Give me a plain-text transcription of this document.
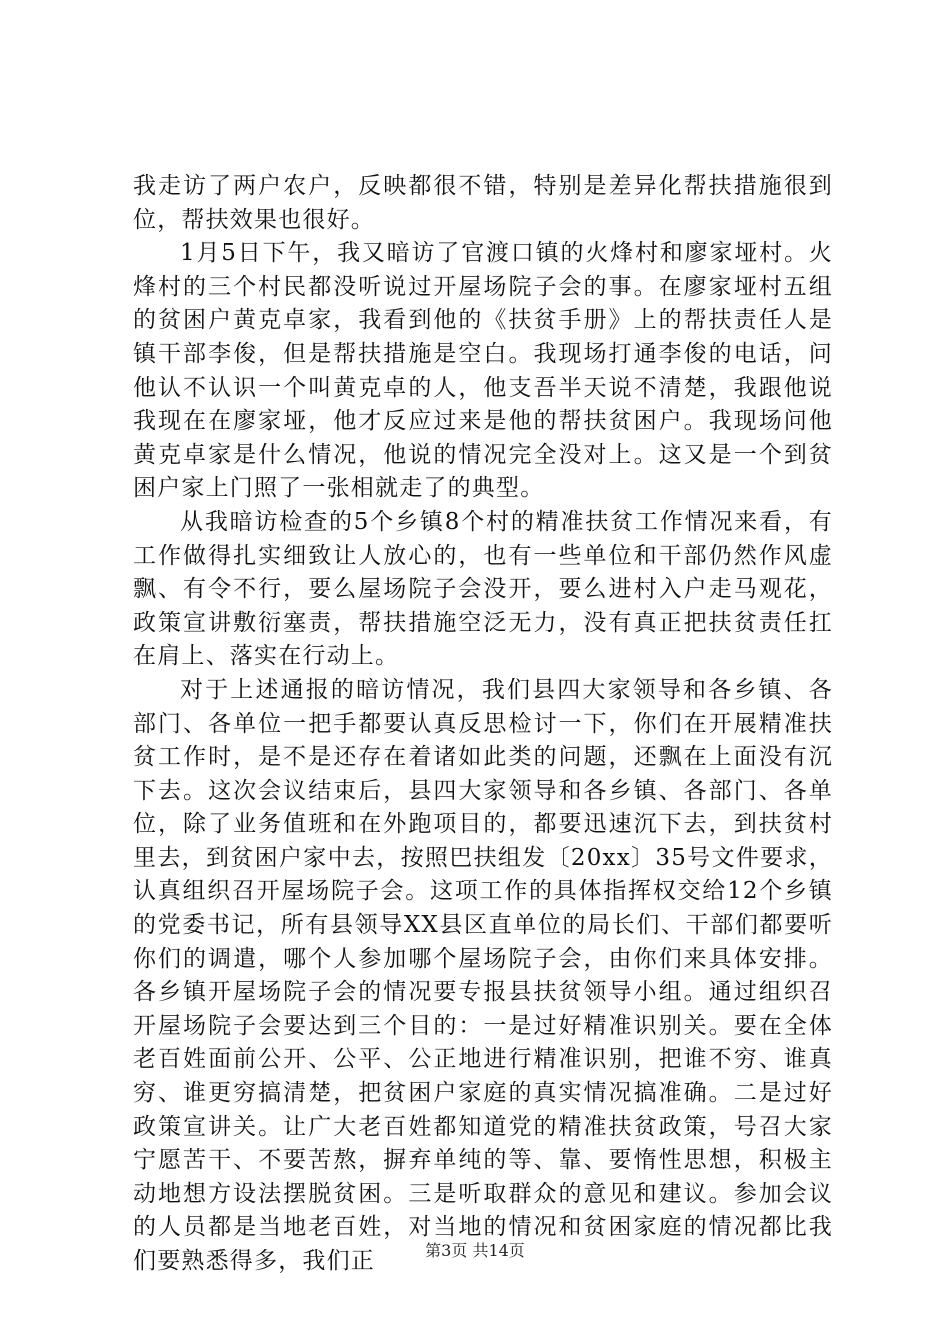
我走访了两户农户，反映都很不错，特别是差异化帮扶措施很到位，帮扶效果也很好。

1月5日下午，我又暗访了官渡口镇的火烽村和廖家垭村。火烽村的三个村民都没听说过开屋场院子会的事。在廖家垭村五组的贫困户黄克卓家，我看到他的《扶贫手册》上的帮扶责任人是镇干部李俊，但是帮扶措施是空白。我现场打通李俊的电话，问他认不认识一个叫黄克卓的人，他支吾半天说不清楚，我跟他说我现在在廖家垭，他才反应过来是他的帮扶贫困户。我现场问他黄克卓家是什么情况，他说的情况完全没对上。这又是一个到贫困户家上门照了一张相就走了的典型。

从我暗访检查的5个乡镇8个村的精准扶贫工作情况来看，有工作做得扎实细致让人放心的，也有一些单位和干部仍然作风虚飘、有令不行，要么屋场院子会没开，要么进村入户走马观花，政策宣讲敷衍塞责，帮扶措施空泛无力，没有真正把扶贫责任扛在肩上、落实在行动上。

对于上述通报的暗访情况，我们县四大家领导和各乡镇、各部门、各单位一把手都要认真反思检讨一下，你们在开展精准扶贫工作时，是不是还存在着诸如此类的问题，还飘在上面没有沉下去。这次会议结束后，县四大家领导和各乡镇、各部门、各单位，除了业务值班和在外跑项目的，都要迅速沉下去，到扶贫村里去，到贫困户家中去，按照巴扶组发〔20xx〕35号文件要求，认真组织召开屋场院子会。这项工作的具体指挥权交给12个乡镇的党委书记，所有县领导XX县区直单位的局长们、干部们都要听你们的调遣，哪个人参加哪个屋场院子会，由你们来具体安排。各乡镇开屋场院子会的情况要专报县扶贫领导小组。通过组织召开屋场院子会要达到三个目的：一是过好精准识别关。要在全体老百姓面前公开、公平、公正地进行精准识别，把谁不穷、谁真穷、谁更穷搞清楚，把贫困户家庭的真实情况搞准确。二是过好政策宣讲关。让广大老百姓都知道党的精准扶贫政策，号召大家宁愿苦干、不要苦熬，摒弃单纯的等、靠、要惰性思想，积极主动地想方设法摆脱贫困。三是听取群众的意见和建议。参加会议的人员都是当地老百姓，对当地的情况和贫困家庭的情况都比我们要熟悉得多，我们正	第3页 共14页
